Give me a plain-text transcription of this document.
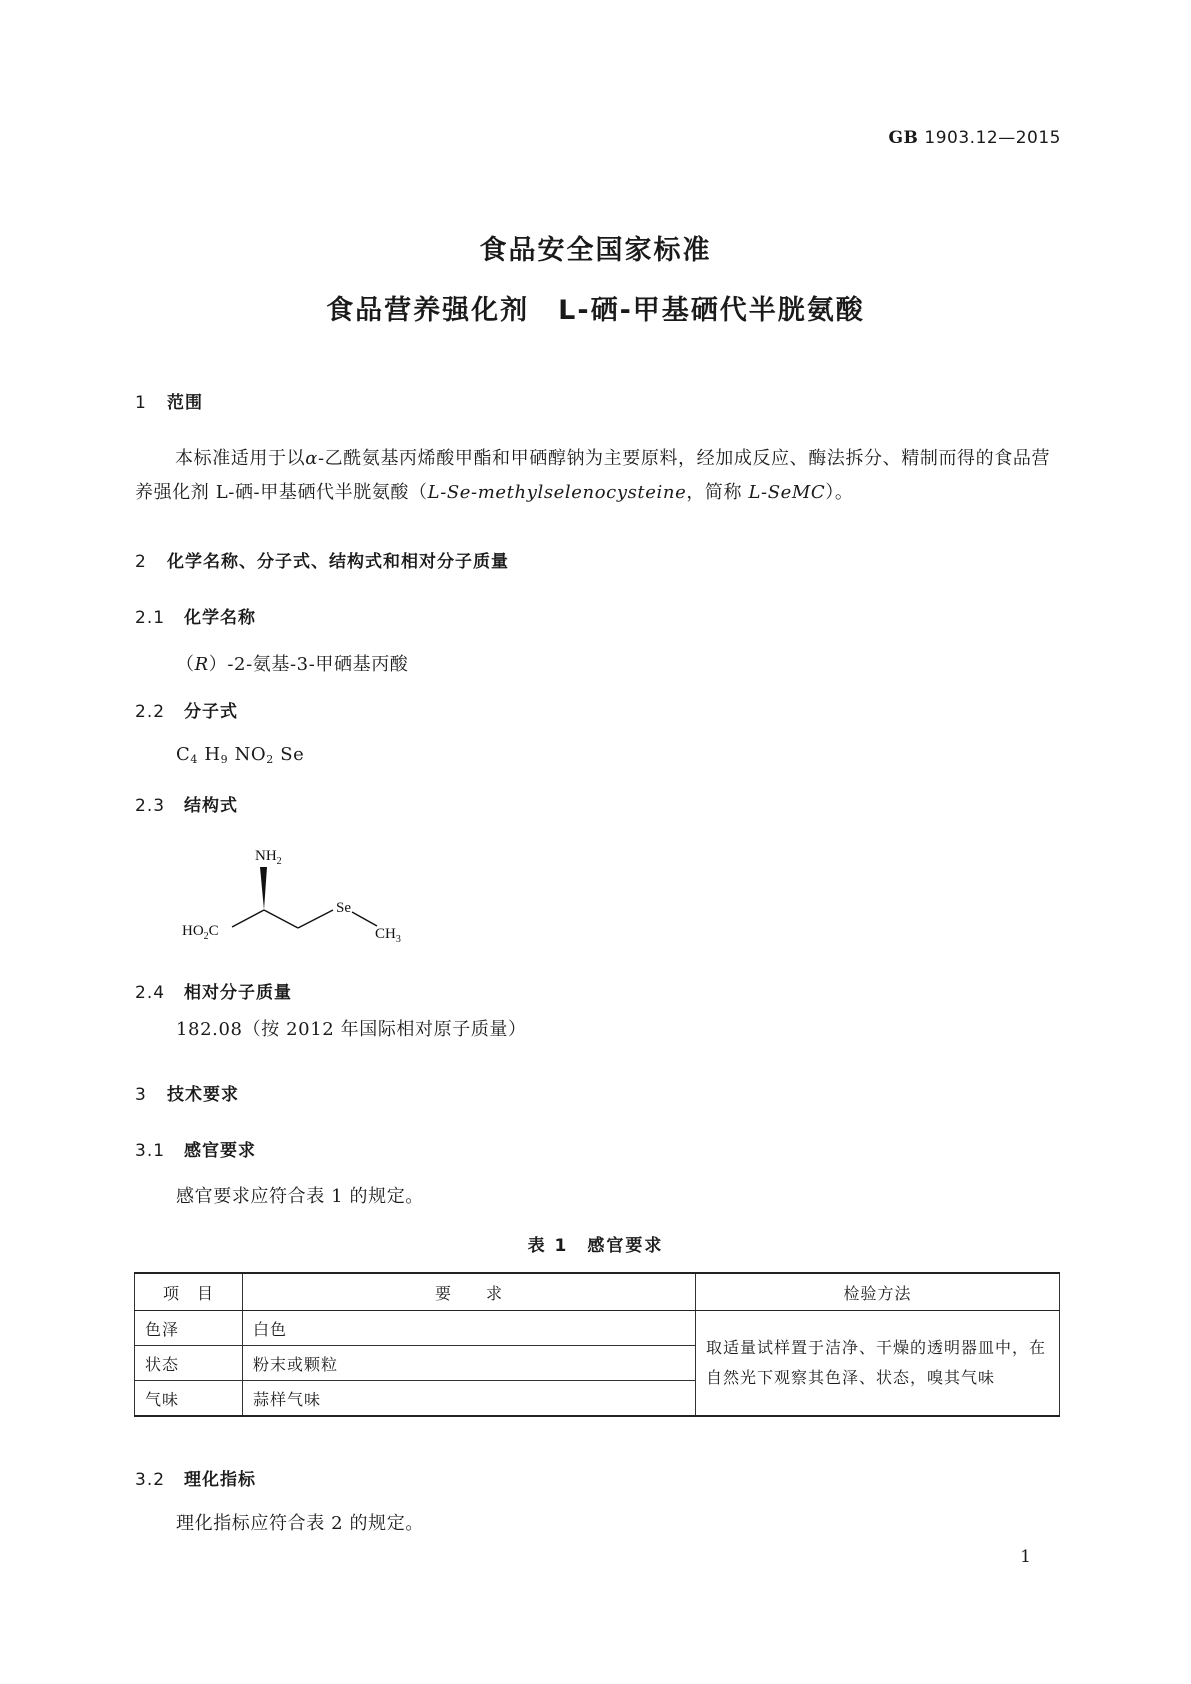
GB 1903.12—2015
食品安全国家标准
食品营养强化剂　L-硒-甲基硒代半胱氨酸
1 范围
本标准适用于以α-乙酰氨基丙烯酸甲酯和甲硒醇钠为主要原料，经加成反应、酶法拆分、精制而得的食品营养强化剂 L-硒-甲基硒代半胱氨酸（L-Se-methylselenocysteine，简称 L-SeMC）。
2 化学名称、分子式、结构式和相对分子质量
2.1 化学名称
（R）-2-氨基-3-甲硒基丙酸
2.2 分子式
$C_4$ $H_9$ $NO_2$ Se
2.3 结构式
$NH_2$
$HO_2C$
Se
$CH_3$
2.4 相对分子质量
182.08（按 2012 年国际相对原子质量）
3 技术要求
3.1 感官要求
感官要求应符合表 1 的规定。
表 1　感官要求
项　目	要　　求	检验方法
色泽	白色	取适量试样置于洁净、干燥的透明器皿中，在自然光下观察其色泽、状态，嗅其气味
状态	粉末或颗粒	
气味	蒜样气味	
3.2 理化指标
理化指标应符合表 2 的规定。
1
